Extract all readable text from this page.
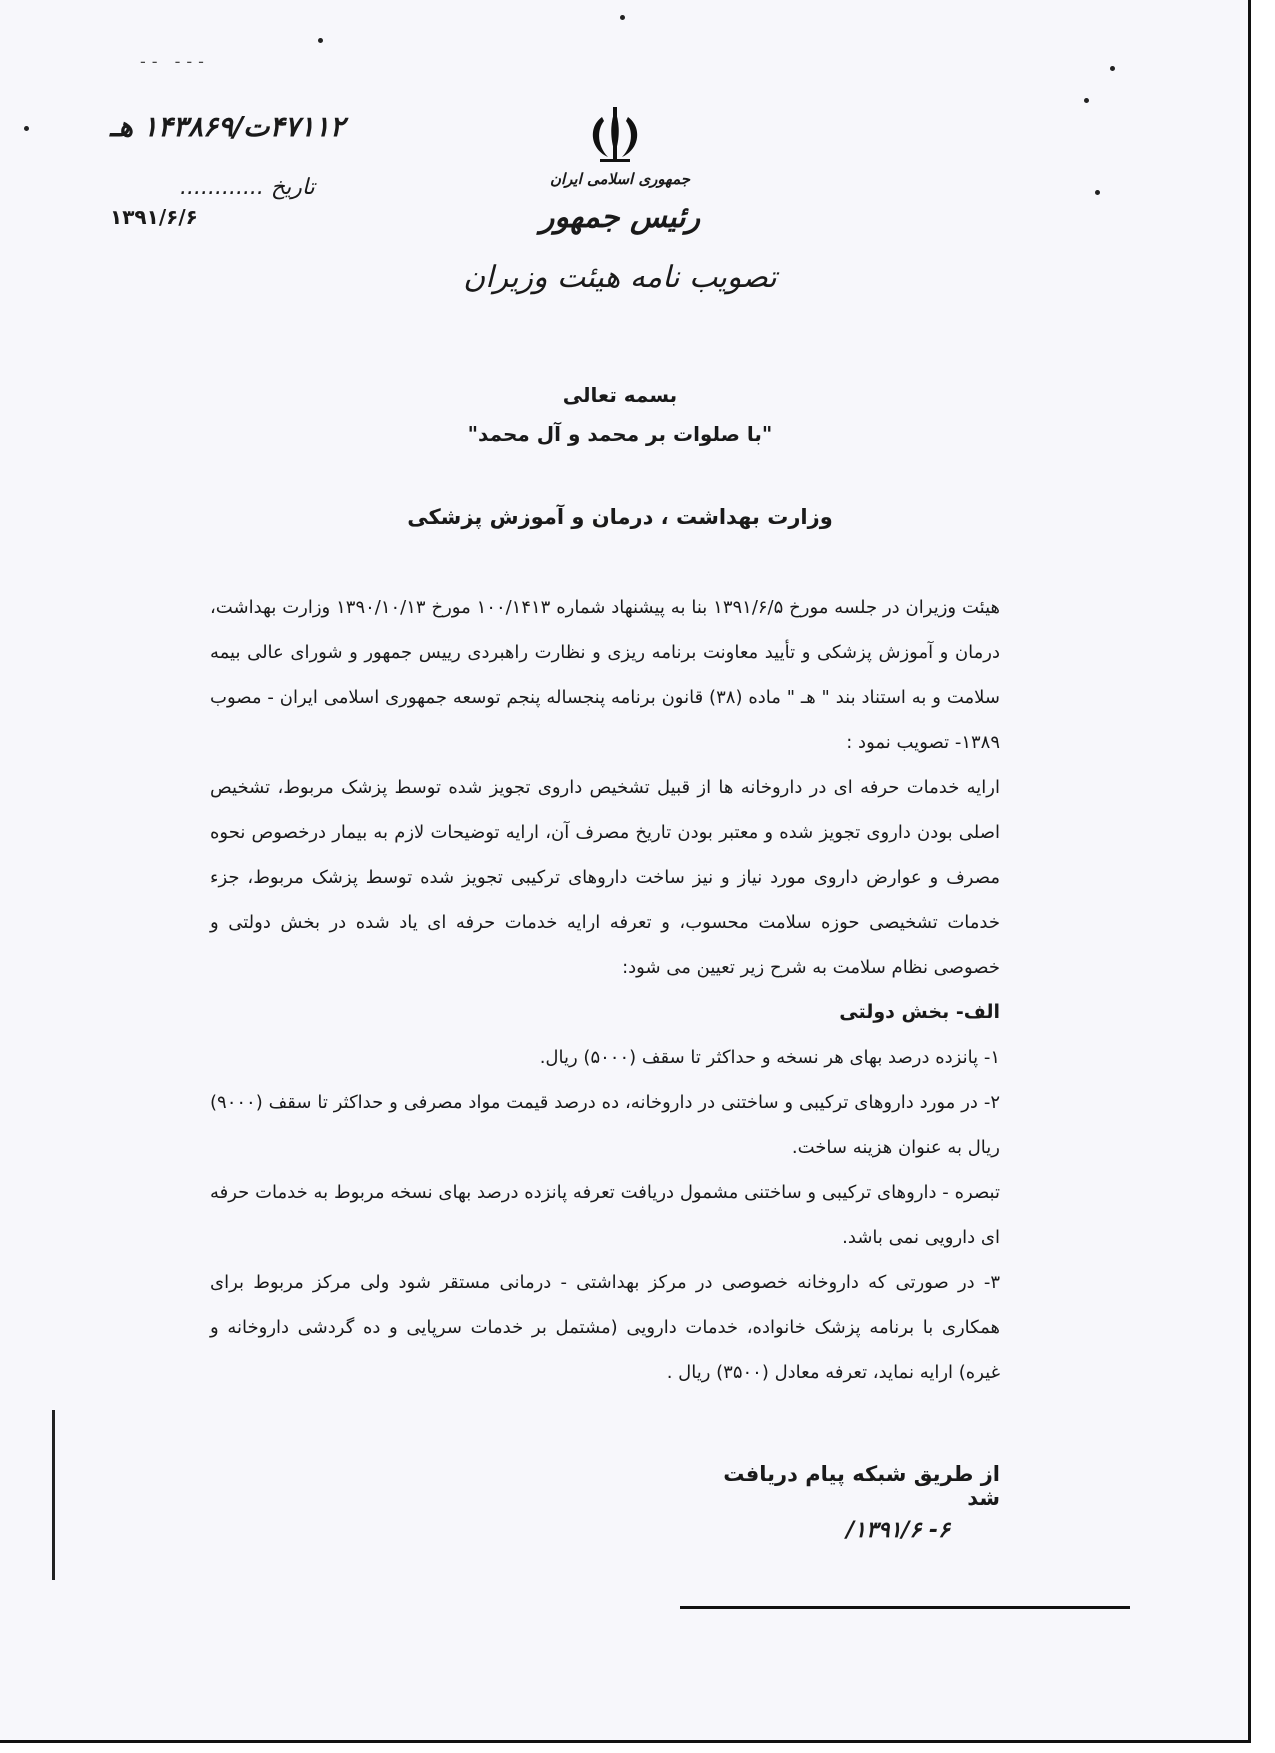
-- ---
۴۷۱۱۲ت/۱۴۳۸۶۹ هـ
تاریخ ............
۱۳۹۱/۶/۶
جمهوری اسلامی ایران
رئیس جمهور
تصویب نامه هیئت وزیران
بسمه تعالی
"با صلوات بر محمد و آل محمد"
وزارت بهداشت ، درمان و آموزش پزشکی

هیئت وزیران در جلسه مورخ ۱۳۹۱/۶/۵ بنا به پیشنهاد شماره ۱۰۰/۱۴۱۳ مورخ ۱۳۹۰/۱۰/۱۳ وزارت بهداشت، درمان و آموزش پزشکی و تأیید معاونت برنامه ریزی و نظارت راهبردی رییس جمهور و شورای عالی بیمه سلامت و به استناد بند " هـ " ماده (۳۸) قانون برنامه پنجساله پنجم توسعه جمهوری اسلامی ایران - مصوب ۱۳۸۹- تصویب نمود :

ارایه خدمات حرفه ای در داروخانه ها از قبیل تشخیص داروی تجویز شده توسط پزشک مربوط، تشخیص اصلی بودن داروی تجویز شده و معتبر بودن تاریخ مصرف آن، ارایه توضیحات لازم به بیمار درخصوص نحوه مصرف و عوارض داروی مورد نیاز و نیز ساخت داروهای ترکیبی تجویز شده توسط پزشک مربوط، جزء خدمات تشخیصی حوزه سلامت محسوب، و تعرفه ارایه خدمات حرفه ای یاد شده در بخش دولتی و خصوصی نظام سلامت به شرح زیر تعیین می شود:

الف- بخش دولتی

۱- پانزده درصد بهای هر نسخه و حداکثر تا سقف (۵۰۰۰) ریال.

۲- در مورد داروهای ترکیبی و ساختنی در داروخانه، ده درصد قیمت مواد مصرفی و حداکثر تا سقف (۹۰۰۰) ریال به عنوان هزینه ساخت.

تبصره - داروهای ترکیبی و ساختنی مشمول دریافت تعرفه پانزده درصد بهای نسخه مربوط به خدمات حرفه ای دارویی نمی باشد.

۳- در صورتی که داروخانه خصوصی در مرکز بهداشتی - درمانی مستقر شود ولی مرکز مربوط برای همکاری با برنامه پزشک خانواده، خدمات دارویی (مشتمل بر خدمات سرپایی و ده گردشی داروخانه و غیره) ارایه نماید، تعرفه معادل (۳۵۰۰) ریال .

از طریق شبکه پیام دریافت شد
۶- ۱۳۹۱/۶/
